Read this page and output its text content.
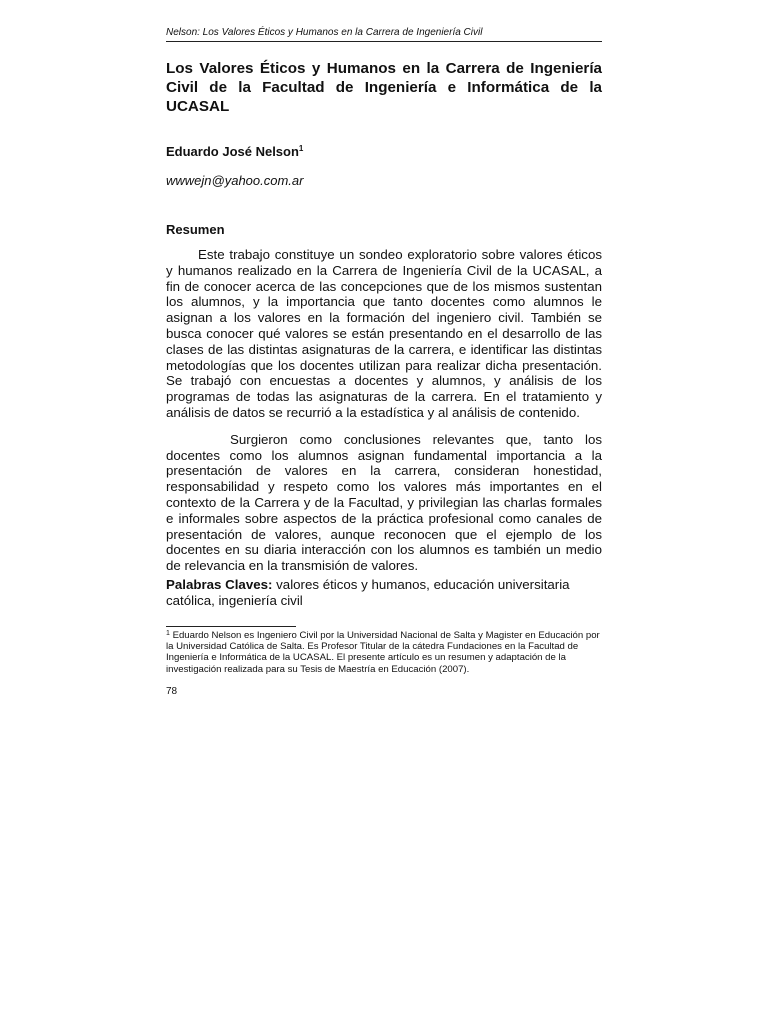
Nelson: Los Valores Éticos y Humanos en la Carrera de Ingeniería Civil
Los Valores Éticos y Humanos en la Carrera de Ingeniería Civil de la Facultad de Ingeniería e Informática de la UCASAL
Eduardo José Nelson$^1$
wwwejn@yahoo.com.ar
Resumen

Este trabajo constituye un sondeo exploratorio sobre valores éticos y humanos realizado en la Carrera de Ingeniería Civil de la UCASAL, a fin de conocer acerca de las concepciones que de los mismos sustentan los alumnos, y la importancia que tanto docentes como alumnos le asignan a los valores en la formación del ingeniero civil. También se busca conocer qué valores se están presentando en el desarrollo de las clases de las distintas asignaturas de la carrera, e identificar las distintas metodologías que los docentes utilizan para realizar dicha presentación. Se trabajó con encuestas a docentes y alumnos, y análisis de los programas de todas las asignaturas de la carrera. En el tratamiento y análisis de datos se recurrió a la estadística y al análisis de contenido.

Surgieron como conclusiones relevantes que, tanto los docentes como los alumnos asignan fundamental importancia a la presentación de valores en la carrera, consideran honestidad, responsabilidad y respeto como los valores más importantes en el contexto de la Carrera y de la Facultad, y privilegian las charlas formales e informales sobre aspectos de la práctica profesional como canales de presentación de valores, aunque reconocen que el ejemplo de los docentes en su diaria interacción con los alumnos es también un medio de relevancia en la transmisión de valores.

Palabras Claves: valores éticos y humanos, educación universitaria católica, ingeniería civil
$^1$ Eduardo Nelson es Ingeniero Civil por la Universidad Nacional de Salta y Magister en Educación por la Universidad Católica de Salta. Es Profesor Titular de la cátedra Fundaciones en la Facultad de Ingeniería e Informática de la UCASAL. El presente artículo es un resumen y adaptación de la investigación realizada para su Tesis de Maestría en Educación (2007).
78
